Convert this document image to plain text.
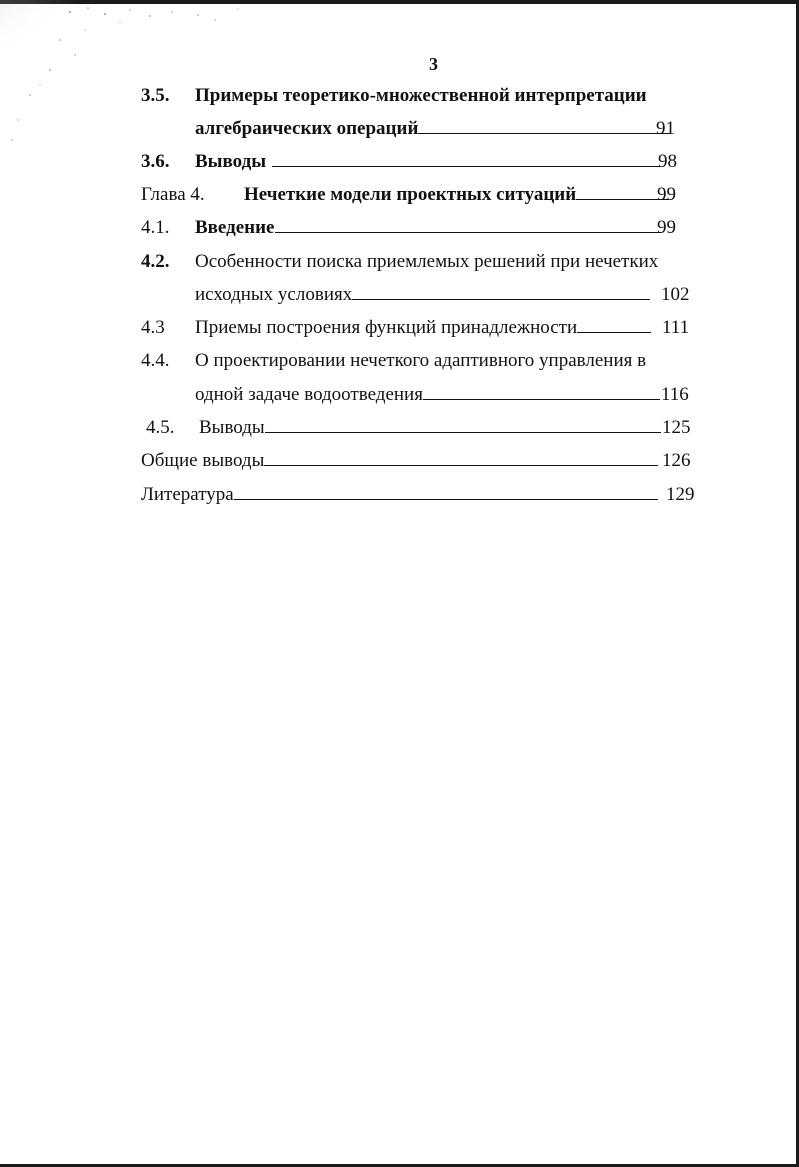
3
3.5. Примеры теоретико-множественной интерпретации
алгебраических операций	91
3.6. Выводы	98
Глава 4. Нечеткие модели проектных ситуаций	99
4.1. Введение	99
4.2. Особенности поиска приемлемых решений при нечетких
исходных условиях	102
4.3 Приемы построения функций принадлежности	111
4.4. О проектировании нечеткого адаптивного управления в
одной задаче водоотведения	116
4.5. Выводы	125
Общие выводы	126
Литература	129
